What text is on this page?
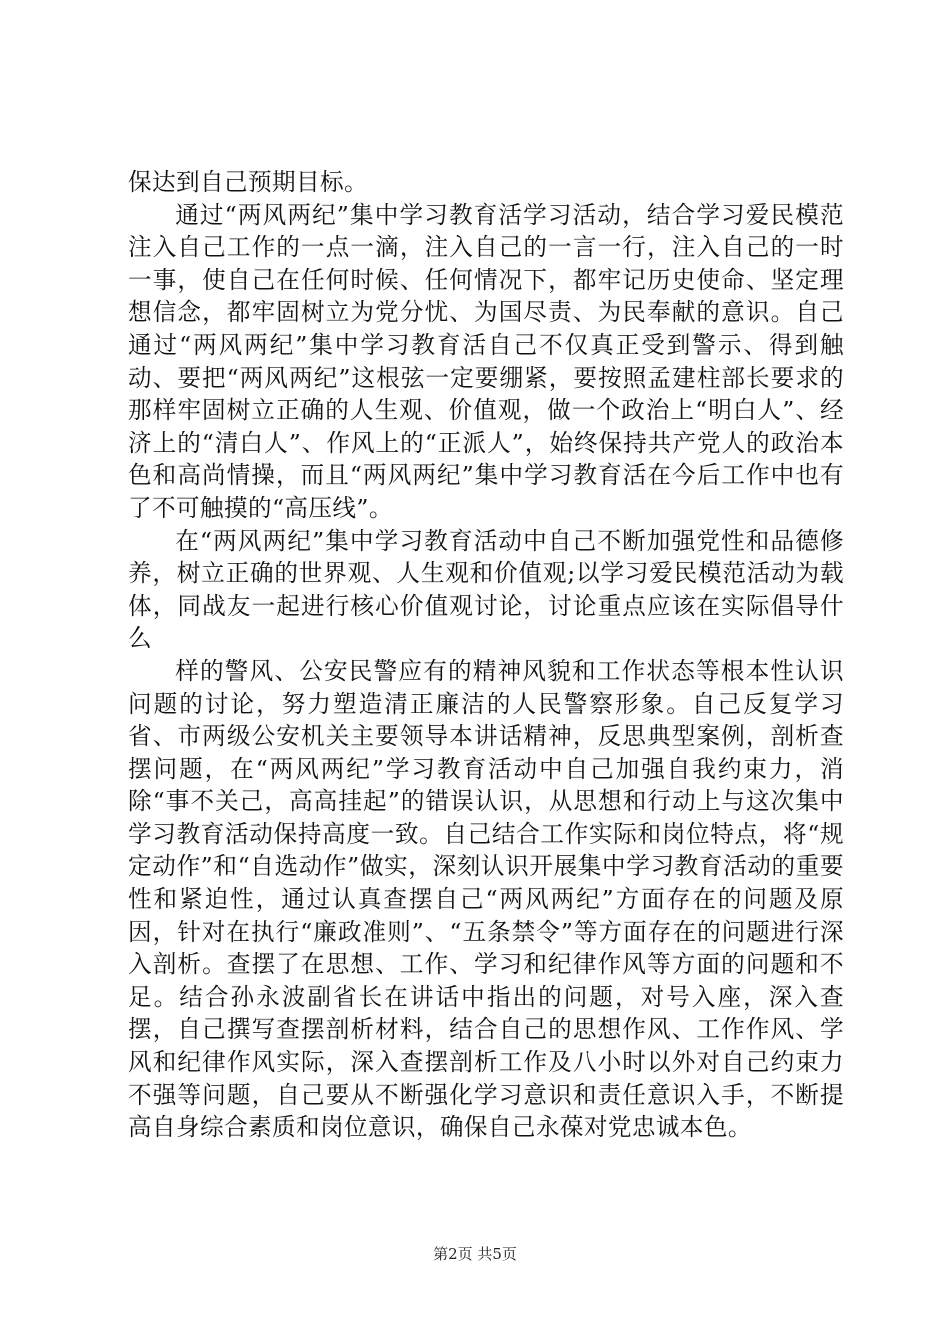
保达到自己预期目标。

通过“两风两纪”集中学习教育活学习活动，结合学习爱民模范注入自己工作的一点一滴，注入自己的一言一行，注入自己的一时一事，使自己在任何时候、任何情况下，都牢记历史使命、坚定理想信念，都牢固树立为党分忧、为国尽责、为民奉献的意识。自己通过“两风两纪”集中学习教育活自己不仅真正受到警示、得到触动、要把“两风两纪”这根弦一定要绷紧，要按照孟建柱部长要求的那样牢固树立正确的人生观、价值观，做一个政治上“明白人”、经济上的“清白人”、作风上的“正派人”，始终保持共产党人的政治本色和高尚情操，而且“两风两纪”集中学习教育活在今后工作中也有了不可触摸的“高压线”。

在“两风两纪”集中学习教育活动中自己不断加强党性和品德修养，树立正确的世界观、人生观和价值观;以学习爱民模范活动为载体，同战友一起进行核心价值观讨论，讨论重点应该在实际倡导什么

样的警风、公安民警应有的精神风貌和工作状态等根本性认识问题的讨论，努力塑造清正廉洁的人民警察形象。自己反复学习省、市两级公安机关主要领导本讲话精神，反思典型案例，剖析查摆问题，在“两风两纪”学习教育活动中自己加强自我约束力，消除“事不关己，高高挂起”的错误认识，从思想和行动上与这次集中学习教育活动保持高度一致。自己结合工作实际和岗位特点，将“规定动作”和“自选动作”做实，深刻认识开展集中学习教育活动的重要性和紧迫性，通过认真查摆自己“两风两纪”方面存在的问题及原因，针对在执行“廉政准则”、“五条禁令”等方面存在的问题进行深入剖析。查摆了在思想、工作、学习和纪律作风等方面的问题和不足。结合孙永波副省长在讲话中指出的问题，对号入座，深入查摆，自己撰写查摆剖析材料，结合自己的思想作风、工作作风、学风和纪律作风实际，深入查摆剖析工作及八小时以外对自己约束力不强等问题，自己要从不断强化学习意识和责任意识入手，不断提高自身综合素质和岗位意识，确保自己永葆对党忠诚本色。

第2页 共5页
